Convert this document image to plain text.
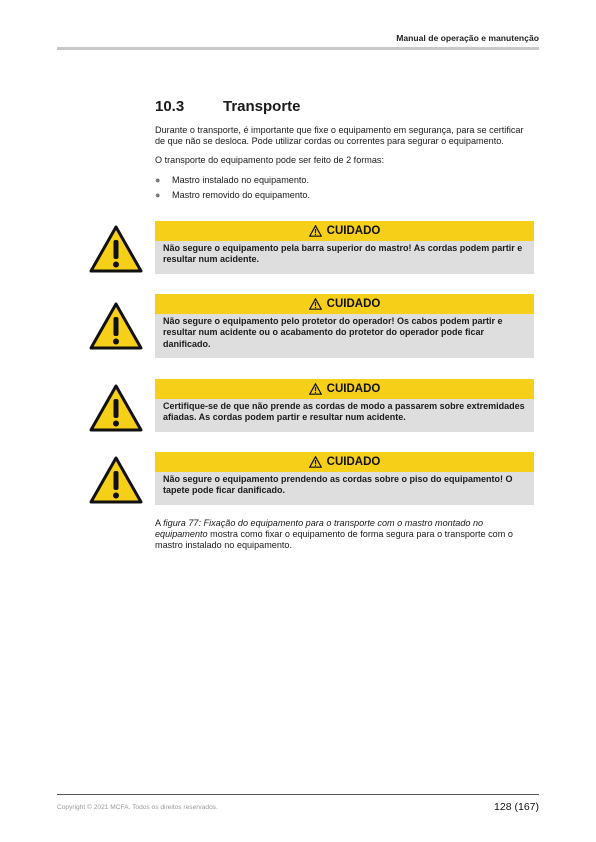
Manual de operação e manutenção
10.3	Transporte

Durante o transporte, é importante que fixe o equipamento em segurança, para se certificar de que não se desloca. Pode utilizar cordas ou correntes para segurar o equipamento.

O transporte do equipamento pode ser feito de 2 formas:

●	Mastro instalado no equipamento.
●	Mastro removido do equipamento.
CUIDADO
Não segure o equipamento pela barra superior do mastro! As cordas podem partir e resultar num acidente.
CUIDADO
Não segure o equipamento pelo protetor do operador! Os cabos podem partir e resultar num acidente ou o acabamento do protetor do operador pode ficar danificado.
CUIDADO
Certifique-se de que não prende as cordas de modo a passarem sobre extremidades afiadas. As cordas podem partir e resultar num acidente.
CUIDADO
Não segure o equipamento prendendo as cordas sobre o piso do equipamento! O tapete pode ficar danificado.

A figura 77: Fixação do equipamento para o transporte com o mastro montado no equipamento mostra como fixar o equipamento de forma segura para o transporte com o mastro instalado no equipamento.

Copyright © 2021 MCFA. Todos os direitos reservados.	128 (167)
